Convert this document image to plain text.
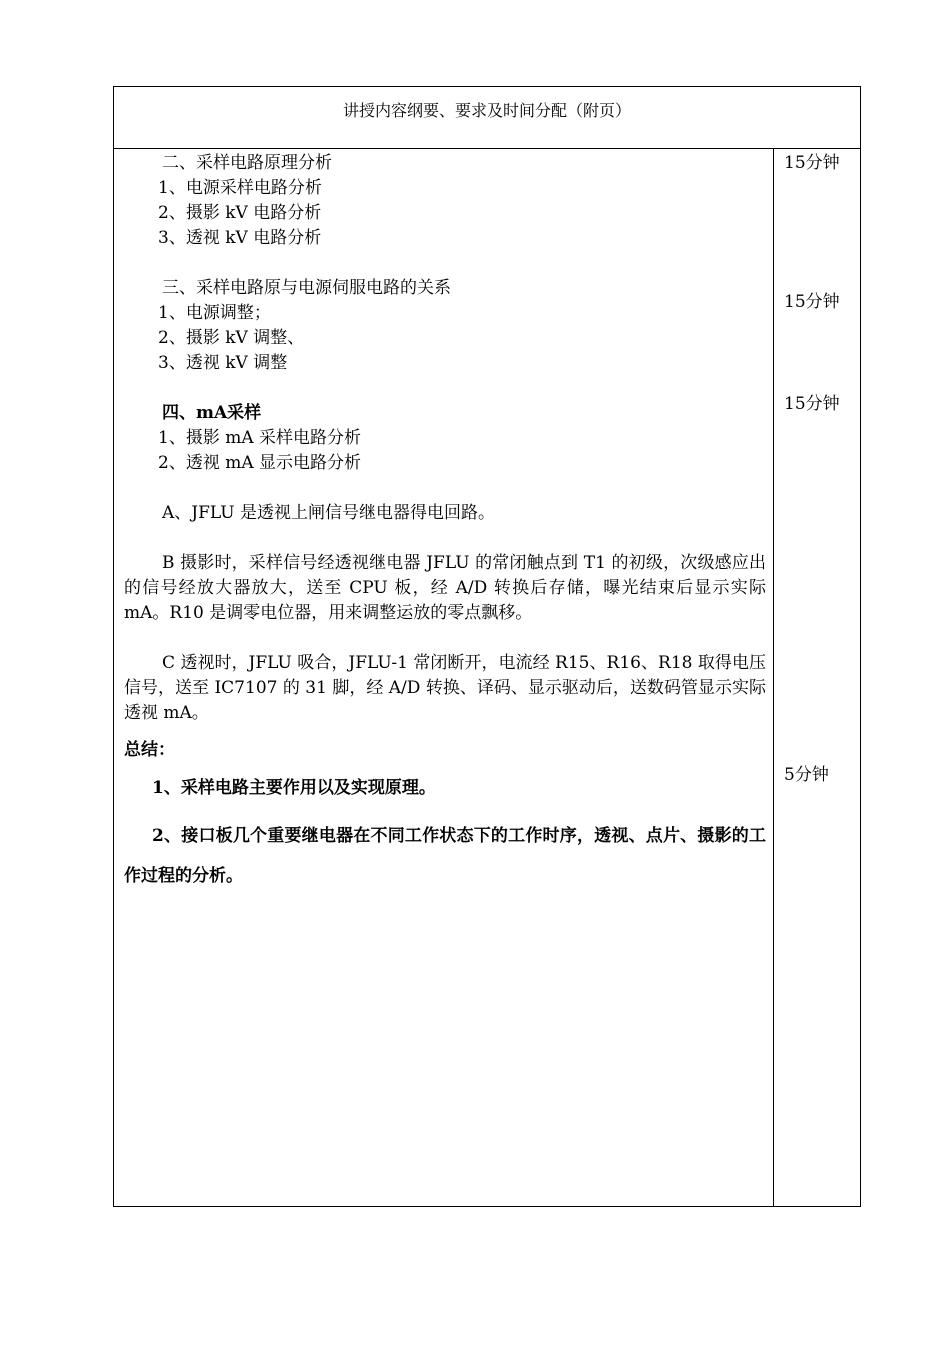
讲授内容纲要、要求及时间分配（附页）
二、采样电路原理分析
1、电源采样电路分析
2、摄影 kV 电路分析
3、透视 kV 电路分析
三、采样电路原与电源伺服电路的关系
1、电源调整；
2、摄影 kV 调整、
3、透视 kV 调整
四、mA采样
1、摄影 mA 采样电路分析
2、透视 mA 显示电路分析
A、JFLU 是透视上闸信号继电器得电回路。
B 摄影时，采样信号经透视继电器 JFLU 的常闭触点到 T1 的初级，次级感应出的信号经放大器放大，送至 CPU 板，经 A/D 转换后存储，曝光结束后显示实际 mA。R10 是调零电位器，用来调整运放的零点飘移。
C 透视时，JFLU 吸合，JFLU-1 常闭断开，电流经 R15、R16、R18 取得电压信号，送至 IC7107 的 31 脚，经 A/D 转换、译码、显示驱动后，送数码管显示实际透视 mA。
总结：
1、采样电路主要作用以及实现原理。
2、接口板几个重要继电器在不同工作状态下的工作时序，透视、点片、摄影的工作过程的分析。
15分钟
15分钟
15分钟
5分钟
